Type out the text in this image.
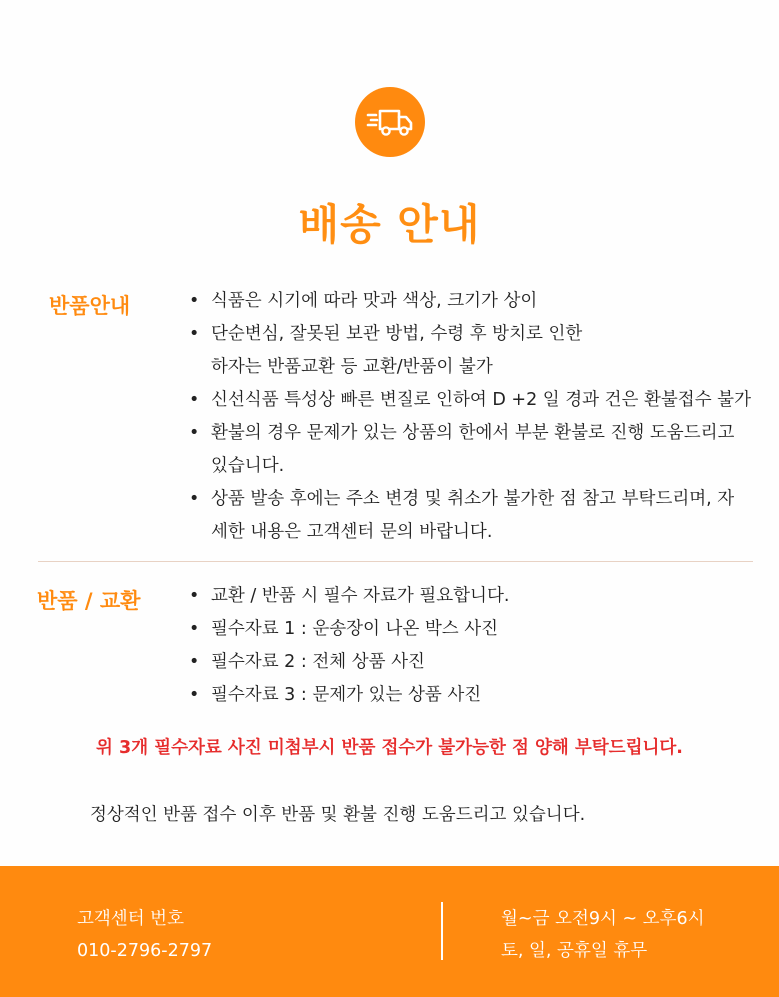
배송 안내
반품안내	• 식품은 시기에 따라 맛과 색상, 크기가 상이
• 단순변심, 잘못된 보관 방법, 수령 후 방치로 인한
하자는 반품교환 등 교환/반품이 불가
• 신선식품 특성상 빠른 변질로 인하여 D +2 일 경과 건은 환불접수 불가
• 환불의 경우 문제가 있는 상품의 한에서 부분 환불로 진행 도움드리고
있습니다.
• 상품 발송 후에는 주소 변경 및 취소가 불가한 점 참고 부탁드리며, 자
세한 내용은 고객센터 문의 바랍니다.
반품 / 교환	• 교환 / 반품 시 필수 자료가 필요합니다.
• 필수자료 1 : 운송장이 나온 박스 사진
• 필수자료 2 : 전체 상품 사진
• 필수자료 3 : 문제가 있는 상품 사진
위 3개 필수자료 사진 미첨부시 반품 접수가 불가능한 점 양해 부탁드립니다.
정상적인 반품 접수 이후 반품 및 환불 진행 도움드리고 있습니다.
고객센터 번호
010-2796-2797
월~금 오전9시 ~ 오후6시
토, 일, 공휴일 휴무
